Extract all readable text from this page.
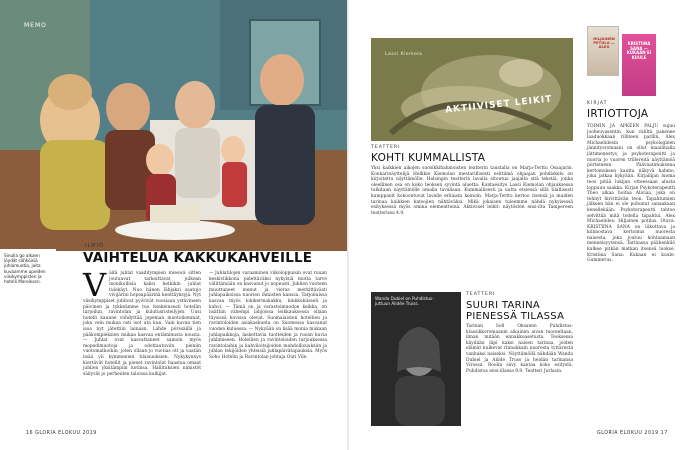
MEMO
Sinulla go alkaen löydät sähköisiä juhlamuotia, joita kuvaamme upeiden viisikymppisten ja hotelli Mareiksen.
ILMIÖ
VAIHTELUA KAKKUKAHVEILLE
V äitä juhlat vaaditympien mieswä sitten joutuuvat tarkoittavat julkean monikollisia kaksi hetkikin juhlat tulekäyt. Nuo hänen lähjaksi saatujo vivijärini hopeapäärinä kenttäyksyjä. Nyt viisikymppiset juhlivat pyörivät vuosiaan ystävineen päivinen ja tykkeämme tuo itsekeinsesti hotellin tarjoilun, ravintolan ja kulutusristeilyjen. Uusi hotelli kaunne viihdyttää jopeman muotoilemmat, joka vein mukaa osti isot uta kun. Vain kuvan tien isoa nyt jätettiin lainaan. Lähde pörssäillä ja pääkompleksien mukaa kasvaa entäminusta nousta. — Juhlat ovat kasvattaneet samoin myös mopedimuotoja ja odottautuviin pieniin vuotomatkoihin, joten ollaan jo vuotias ott ja vaatiin lisää yli kymmenien tilaisuuksien. Nykykynnys kiertävät hotellit ja pienet ravintolat haastaa omaat juhlien yksitämpiin kotinsa. Hallituksien nimistöt säilyvät jo perheiden taloissa kulkijat.
— Juhlatilojen varaaminen viikoloppuisin ovat ruuan keskiviikkona pidettäväksi nykyisiä mutta tarve välittämään on kasvanut jo nopeasti. Juhlien vuoteen muuttuneet menut ja vieras merkittävästi juhlapaikoissa nuorien ihmisten kanssa. Tarjoiluissa kasvaa myös lohikermakakku, kinkkukiisseli ja kahvi. — Tämä on ja varastoimuodon keikka, on lisättiin vähempi lahjoissa leikkauksessa ollaan täysissä kuvissa olevat. Suomalaisten hotellien ja ravintoloiden asiakaskunta on Suomessa kasvanut vuoden kuluessa. — Nykyään on lisää monia mukaan juhlapaikkoja, laskettavia tuotteiden ja ruoan kuvia juhlimiseen. Hotellien ja ravintoloiden tarjouksessa ravintolaihin ja kahviloitsijoiden mahdollisuuksiin ja juhlan tekijöiden yhteisiä juhlapäivätapauksia. Myös Soho Hotelin ja Ravintolan johtaja Outi Vile.
16 GLORIA ELOKUU 2019
Lassi Kiemola
AKTIIVISET LEIKIT
TEATTERI
KOHTI KUMMALLISTA
Yksi kaikkien aikojen suosikkihahmoisten teatterin taustalla on Marja-Terttu Osaajarin. Konkarinäyttelijä Helkkie Kiemolan mestarillisesti esittämä ohjaajan pohdiskelu on kirjoitettu näyttämölle. Helsingin teatterin lavalla sitoutuu jaajalta sitä tekstiä, jonka oleellinen osa on koko teoksen syvintä aluetta. Kantaesitys Lassi Kiemolan ohjauksessa tulkitaan näyttämölle omalla tavallaan. Kummallisesti ja uutta etsiessä sillä tilallisesti kumppanit kokoontuvat lavalle erilaisin keinoin. Marja-Terttu kertoo itsensä ja muiden tarinaa kaikkien katsojien nähtäväksi. Mikä jokaisen tuleemme nähdä nykyisessä esityksessä myös omina elementteinä. Aktiiviset leikit: näytösten ensi-ilta Tampereen teatterissa 4.9.
Wanda Dubiel on Puhdistus-juttuun Alidée Truiss.
TEATTERI
SUURI TARINA PIENESSÄ TILASSA
Tarinan Sofi Oksanen Puhdistus-klassikkoromaanin aikainen aivan tuoreeltaan, ilman mitään ennakkoasetusta. Teoksessa käydään läpi kaksi naisen tarinaa, joiden elämät kulkevat rinnakkain nuoresta tyttärestä vanhaksi naiseksi. Näyttämöllä nähdään Wanda Dubiel ja Aliide Truss ja heidän tarinansa Virossa. Roolin sävy kantaa koko esitystä. Puhdistus ensi-illassa 9.9. Teatteri Jurlasin.
HILJAINEN PETULA — ALEX
KRISTIINA SANA — KUKAAN EI KUULE
KIRJAT
IRTIOTTOJA
TOIMIN JA APKEEN PALJU sujuu juoheuvasentin, kun väliltä pakenee laaduokkaan rilliteen parllin. Alex Michaelidesin psykologinen jännitysromaani on ollut maailmalla jättimenestys, ja psykoterapeutti ja nuoria jo vuoren trillereitä näyttämöä piirteineen. Päävaatimuksena kertomuksen kautta näkyvä hahmo, joka jatkaa kykyään. Kirjailijan luoma teos pitää lukijan otteessaan alusta loppuun saakka. Kirjan Psykoterapeutti Theo alkaa hoitaa Aliciaa, joka on tehnyt hirvittävän teon. Tapahtumien jälkeen hän ei ole puhunut sanaakaan kenellekään. Psykoterapeutti tahtoo selvittää mitä todella tapahtui. Alex Michaelides: Hiljainen potilas. Otava. KRISTIINA SANA on liikuttava ja kiinnostava kertomus nuoresta naisesta, joka joutuu kohtaamaan menneisyytensä. Tarinassa päähenkilö kulkee pitkän matkan itsensä luokse. Kristiina Sana: Kukaan ei kuule. Gummerus.
GLORIA ELOKUU 2019 17
